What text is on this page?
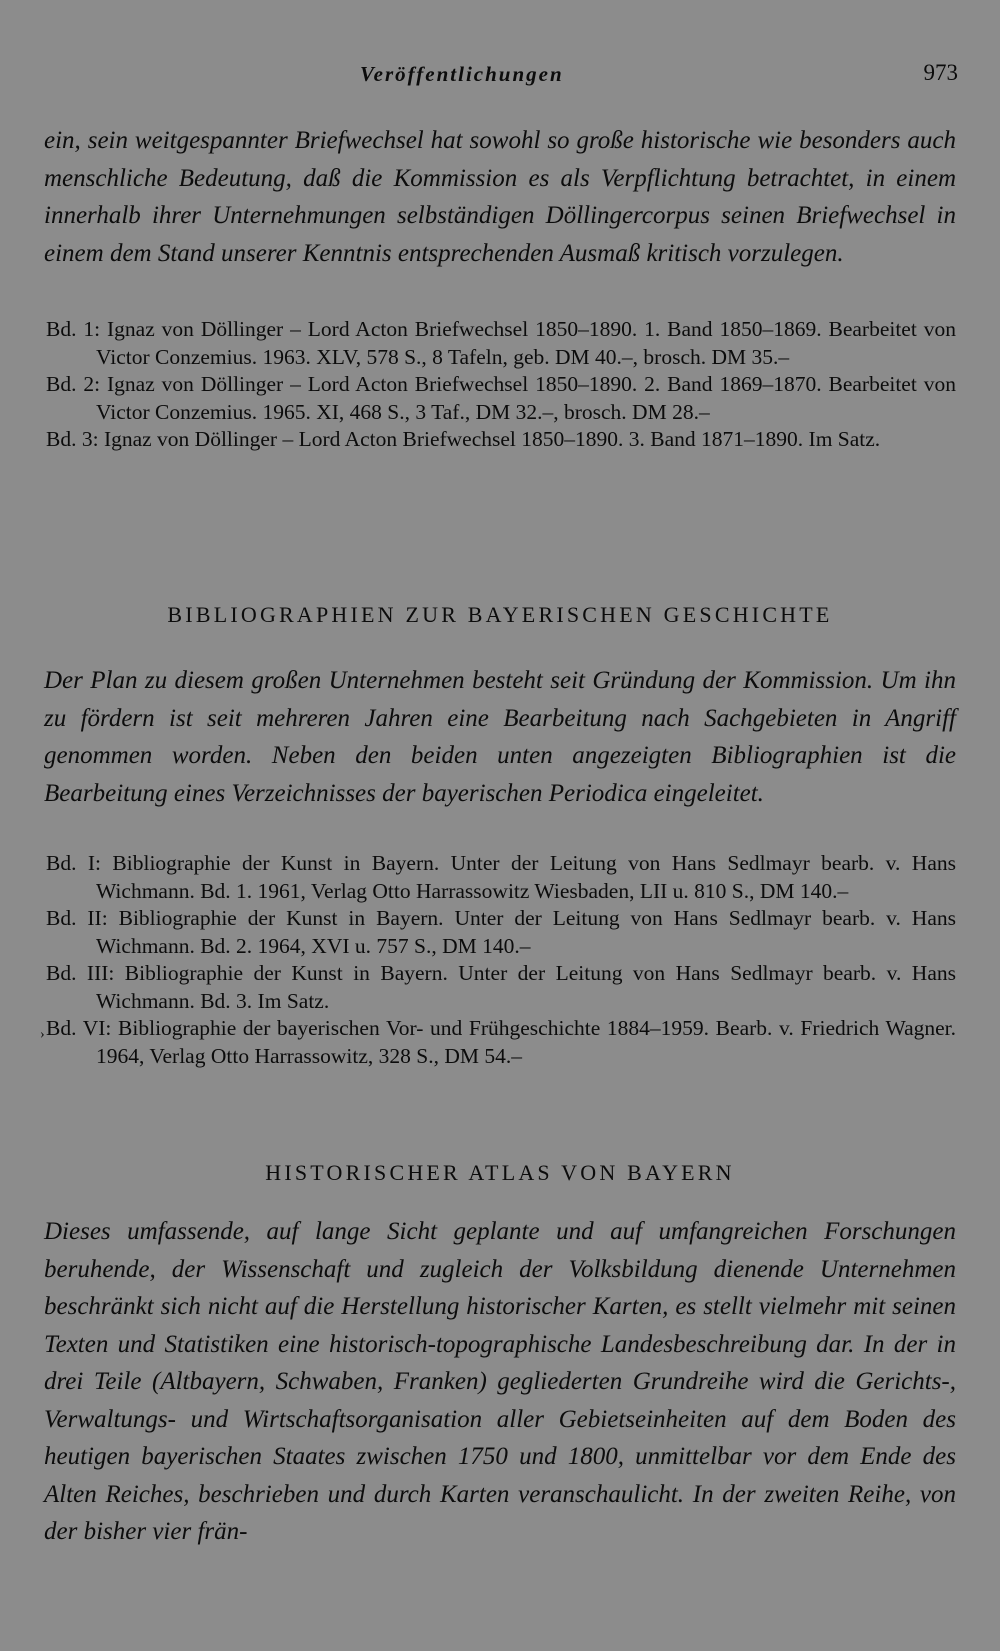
Veröffentlichungen	973

ein, sein weitgespannter Briefwechsel hat sowohl so große historische wie besonders auch menschliche Bedeutung, daß die Kommission es als Verpflichtung betrachtet, in einem innerhalb ihrer Unternehmungen selbständigen Döllingercorpus seinen Briefwechsel in einem dem Stand unserer Kenntnis entsprechenden Ausmaß kritisch vorzulegen.

Bd. 1: Ignaz von Döllinger – Lord Acton Briefwechsel 1850–1890. 1. Band 1850–1869. Bearbeitet von Victor Conzemius. 1963. XLV, 578 S., 8 Tafeln, geb. DM 40.–, brosch. DM 35.–
Bd. 2: Ignaz von Döllinger – Lord Acton Briefwechsel 1850–1890. 2. Band 1869–1870. Bearbeitet von Victor Conzemius. 1965. XI, 468 S., 3 Taf., DM 32.–, brosch. DM 28.–
Bd. 3: Ignaz von Döllinger – Lord Acton Briefwechsel 1850–1890. 3. Band 1871–1890. Im Satz.
BIBLIOGRAPHIEN ZUR BAYERISCHEN GESCHICHTE

Der Plan zu diesem großen Unternehmen besteht seit Gründung der Kommission. Um ihn zu fördern ist seit mehreren Jahren eine Bearbeitung nach Sachgebieten in Angriff genommen worden. Neben den beiden unten angezeigten Bibliographien ist die Bearbeitung eines Verzeichnisses der bayerischen Periodica eingeleitet.

Bd. I: Bibliographie der Kunst in Bayern. Unter der Leitung von Hans Sedlmayr bearb. v. Hans Wichmann. Bd. 1. 1961, Verlag Otto Harrassowitz Wiesbaden, LII u. 810 S., DM 140.–
Bd. II: Bibliographie der Kunst in Bayern. Unter der Leitung von Hans Sedlmayr bearb. v. Hans Wichmann. Bd. 2. 1964, XVI u. 757 S., DM 140.–
Bd. III: Bibliographie der Kunst in Bayern. Unter der Leitung von Hans Sedlmayr bearb. v. Hans Wichmann. Bd. 3. Im Satz.
Bd. VI: Bibliographie der bayerischen Vor- und Frühgeschichte 1884–1959. Bearb. v. Friedrich Wagner. 1964, Verlag Otto Harrassowitz, 328 S., DM 54.–
›
HISTORISCHER ATLAS VON BAYERN

Dieses umfassende, auf lange Sicht geplante und auf umfangreichen Forschungen beruhende, der Wissenschaft und zugleich der Volksbildung dienende Unternehmen beschränkt sich nicht auf die Herstellung historischer Karten, es stellt vielmehr mit seinen Texten und Statistiken eine historisch-topographische Landesbeschreibung dar. In der in drei Teile (Altbayern, Schwaben, Franken) gegliederten Grundreihe wird die Gerichts-, Verwaltungs- und Wirtschaftsorganisation aller Gebietseinheiten auf dem Boden des heutigen bayerischen Staates zwischen 1750 und 1800, unmittelbar vor dem Ende des Alten Reiches, beschrieben und durch Karten veranschaulicht. In der zweiten Reihe, von der bisher vier frän-
